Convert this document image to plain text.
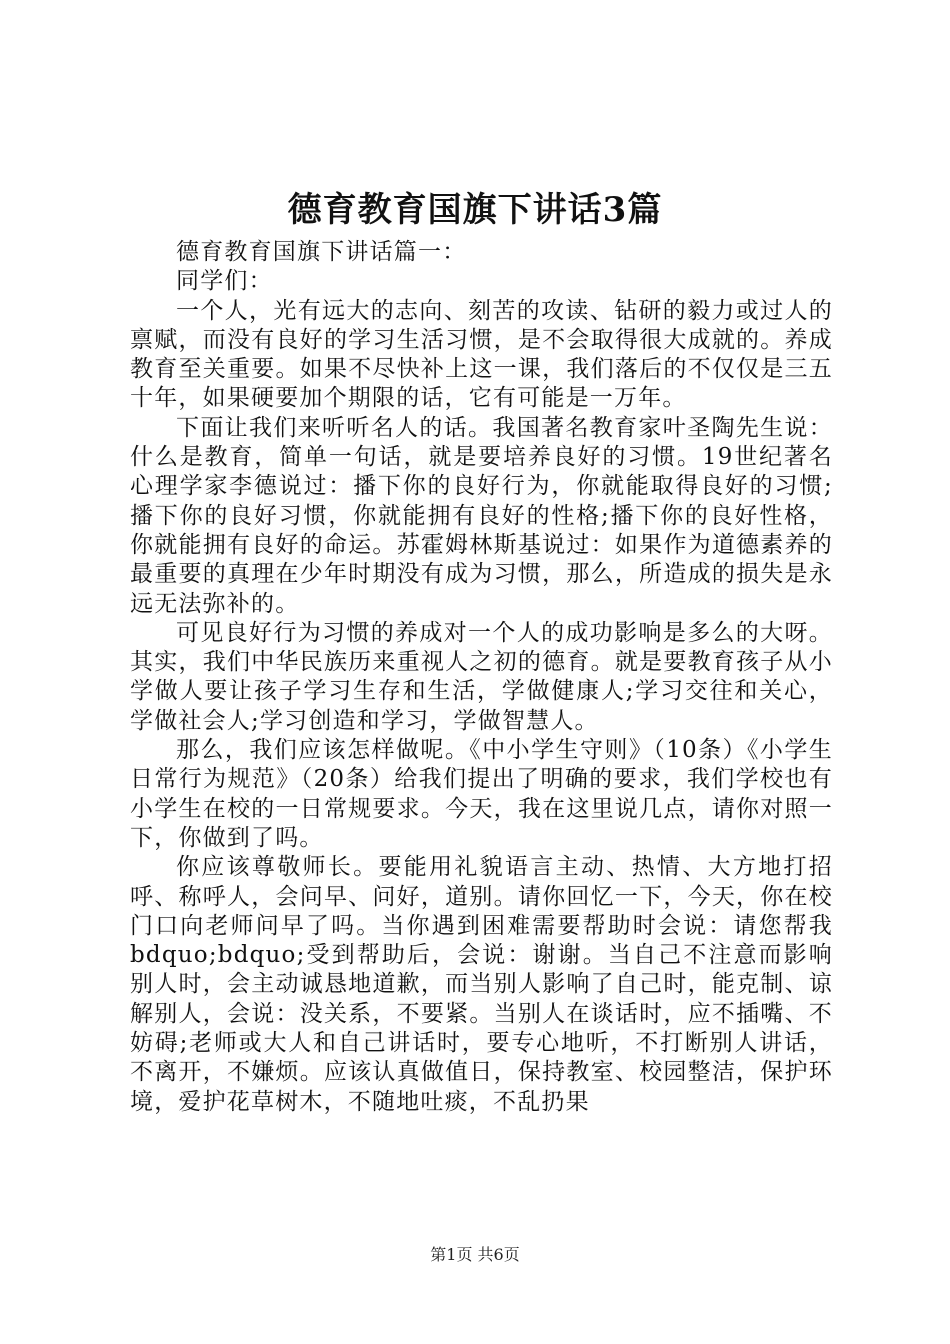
德育教育国旗下讲话3篇

德育教育国旗下讲话篇一：

同学们：

一个人，光有远大的志向、刻苦的攻读、钻研的毅力或过人的禀赋，而没有良好的学习生活习惯，是不会取得很大成就的。养成教育至关重要。如果不尽快补上这一课，我们落后的不仅仅是三五十年，如果硬要加个期限的话，它有可能是一万年。

下面让我们来听听名人的话。我国著名教育家叶圣陶先生说：什么是教育，简单一句话，就是要培养良好的习惯。19世纪著名心理学家李德说过：播下你的良好行为，你就能取得良好的习惯;播下你的良好习惯，你就能拥有良好的性格;播下你的良好性格，你就能拥有良好的命运。苏霍姆林斯基说过：如果作为道德素养的最重要的真理在少年时期没有成为习惯，那么，所造成的损失是永远无法弥补的。

可见良好行为习惯的养成对一个人的成功影响是多么的大呀。其实，我们中华民族历来重视人之初的德育。就是要教育孩子从小学做人要让孩子学习生存和生活，学做健康人;学习交往和关心，学做社会人;学习创造和学习，学做智慧人。

那么，我们应该怎样做呢。《中小学生守则》（10条）《小学生日常行为规范》（20条）给我们提出了明确的要求，我们学校也有小学生在校的一日常规要求。今天，我在这里说几点，请你对照一下，你做到了吗。

你应该尊敬师长。要能用礼貌语言主动、热情、大方地打招呼、称呼人，会问早、问好，道别。请你回忆一下，今天，你在校门口向老师问早了吗。当你遇到困难需要帮助时会说：请您帮我bdquo;bdquo;受到帮助后，会说：谢谢。当自己不注意而影响别人时，会主动诚恳地道歉，而当别人影响了自己时，能克制、谅解别人，会说：没关系，不要紧。当别人在谈话时，应不插嘴、不妨碍;老师或大人和自己讲话时，要专心地听，不打断别人讲话，不离开，不嫌烦。应该认真做值日，保持教室、校园整洁，保护环境，爱护花草树木，不随地吐痰，不乱扔果

第1页 共6页
